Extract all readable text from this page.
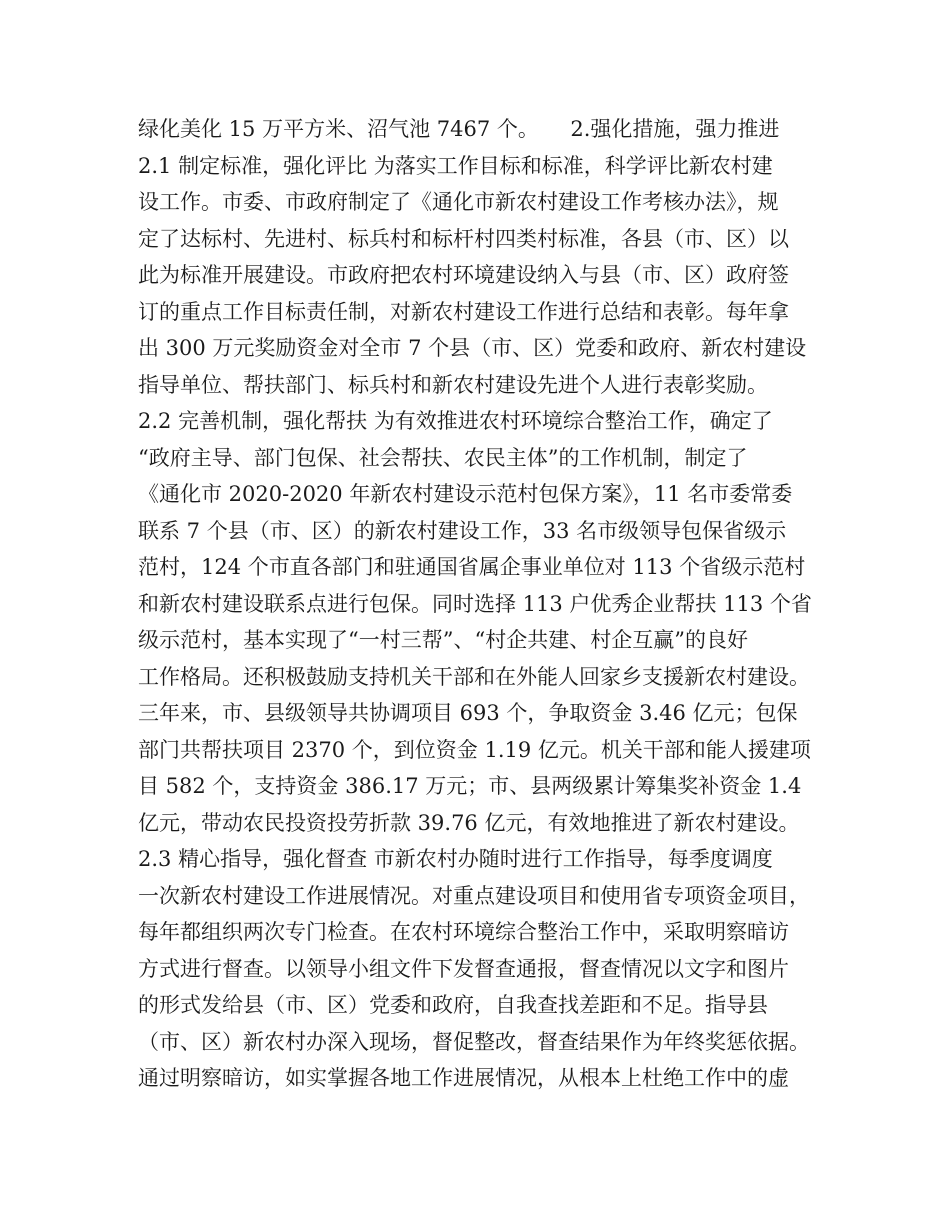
绿化美化 15 万平方米、沼气池 7467 个。　　2.强化措施，强力推进
2.1 制定标准，强化评比 为落实工作目标和标准，科学评比新农村建
设工作。市委、市政府制定了《通化市新农村建设工作考核办法》，规
定了达标村、先进村、标兵村和标杆村四类村标准，各县（市、区）以
此为标准开展建设。市政府把农村环境建设纳入与县（市、区）政府签
订的重点工作目标责任制，对新农村建设工作进行总结和表彰。每年拿
出 300 万元奖励资金对全市 7 个县（市、区）党委和政府、新农村建设
指导单位、帮扶部门、标兵村和新农村建设先进个人进行表彰奖励。
2.2 完善机制，强化帮扶 为有效推进农村环境综合整治工作，确定了
“政府主导、部门包保、社会帮扶、农民主体”的工作机制，制定了
《通化市 2020-2020 年新农村建设示范村包保方案》，11 名市委常委
联系 7 个县（市、区）的新农村建设工作，33 名市级领导包保省级示
范村，124 个市直各部门和驻通国省属企事业单位对 113 个省级示范村
和新农村建设联系点进行包保。同时选择 113 户优秀企业帮扶 113 个省
级示范村，基本实现了“一村三帮”、“村企共建、村企互赢”的良好
工作格局。还积极鼓励支持机关干部和在外能人回家乡支援新农村建设。
三年来，市、县级领导共协调项目 693 个，争取资金 3.46 亿元；包保
部门共帮扶项目 2370 个，到位资金 1.19 亿元。机关干部和能人援建项
目 582 个，支持资金 386.17 万元；市、县两级累计筹集奖补资金 1.4
亿元，带动农民投资投劳折款 39.76 亿元，有效地推进了新农村建设。
2.3 精心指导，强化督查 市新农村办随时进行工作指导，每季度调度
一次新农村建设工作进展情况。对重点建设项目和使用省专项资金项目，
每年都组织两次专门检查。在农村环境综合整治工作中，采取明察暗访
方式进行督查。以领导小组文件下发督查通报，督查情况以文字和图片
的形式发给县（市、区）党委和政府，自我查找差距和不足。指导县
（市、区）新农村办深入现场，督促整改，督查结果作为年终奖惩依据。
通过明察暗访，如实掌握各地工作进展情况，从根本上杜绝工作中的虚
